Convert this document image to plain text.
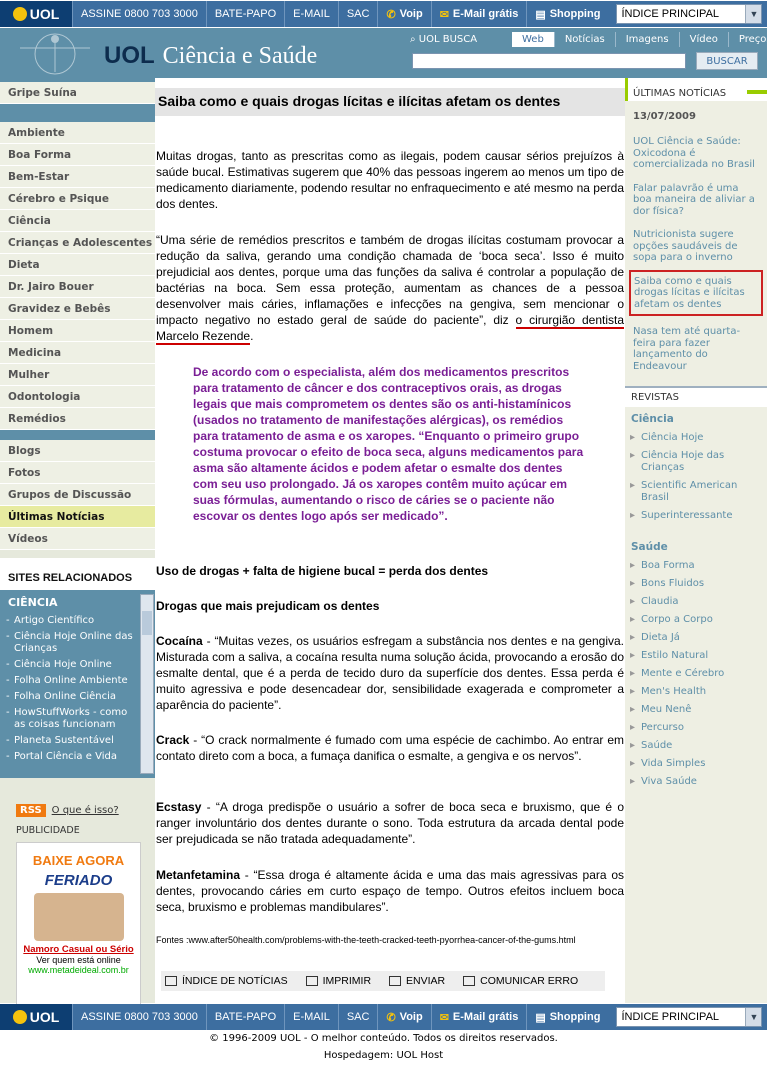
UOL	ASSINE 0800 703 3000	BATE-PAPO	E-MAIL	SAC	✆ Voip ✉ E-Mail grátis ▤ Shopping ÍNDICE PRINCIPAL	▼
UOL Ciência e Saúde
⌕ UOL BUSCA	Web	Notícias	Imagens	Vídeo	Preços
BUSCAR
Gripe Suína
Ambiente
Boa Forma
Bem-Estar
Cérebro e Psique
Ciência
Crianças e Adolescentes
Dieta
Dr. Jairo Bouer
Gravidez e Bebês
Homem
Medicina
Mulher
Odontologia
Remédios
Blogs
Fotos
Grupos de Discussão
Últimas Notícias
Vídeos
SITES RELACIONADOS
CIÊNCIA
- Artigo Científico
- Ciência Hoje Online das Crianças
- Ciência Hoje Online
- Folha Online Ambiente
- Folha Online Ciência
- HowStuffWorks - como as coisas funcionam
- Planeta Sustentável
- Portal Ciência e Vida
RSS	O que é isso?
PUBLICIDADE
BAIXE AGORA
FERIADO
Namoro Casual ou Sério
Ver quem está online
www.metadeideal.com.br
Saiba como e quais drogas lícitas e ilícitas afetam os dentes
Muitas drogas, tanto as prescritas como as ilegais, podem causar sérios prejuízos à saúde bucal. Estimativas sugerem que 40% das pessoas ingerem ao menos um tipo de medicamento diariamente, podendo resultar no enfraquecimento e até mesmo na perda dos dentes.
“Uma série de remédios prescritos e também de drogas ilícitas costumam provocar a redução da saliva, gerando uma condição chamada de ‘boca seca’. Isso é muito prejudicial aos dentes, porque uma das funções da saliva é controlar a população de bactérias na boca. Sem essa proteção, aumentam as chances de a pessoa desenvolver mais cáries, inflamações e infecções na gengiva, sem mencionar o impacto negativo no estado geral de saúde do paciente”, diz o cirurgião dentista Marcelo Rezende.
De acordo com o especialista, além dos medicamentos prescritos para tratamento de câncer e dos contraceptivos orais, as drogas legais que mais comprometem os dentes são os anti-histamínicos (usados no tratamento de manifestações alérgicas), os remédios para tratamento de asma e os xaropes. “Enquanto o primeiro grupo costuma provocar o efeito de boca seca, alguns medicamentos para asma são altamente ácidos e podem afetar o esmalte dos dentes com seu uso prolongado. Já os xaropes contêm muito açúcar em suas fórmulas, aumentando o risco de cáries se o paciente não escovar os dentes logo após ser medicado”.
Uso de drogas + falta de higiene bucal = perda dos dentes
Drogas que mais prejudicam os dentes
Cocaína - “Muitas vezes, os usuários esfregam a substância nos dentes e na gengiva. Misturada com a saliva, a cocaína resulta numa solução ácida, provocando a erosão do esmalte dental, que é a perda de tecido duro da superfície dos dentes. Essa perda é muito agressiva e pode desencadear dor, sensibilidade exagerada e comprometer a aparência do paciente”.
Crack - “O crack normalmente é fumado com uma espécie de cachimbo. Ao entrar em contato direto com a boca, a fumaça danifica o esmalte, a gengiva e os nervos”.
Ecstasy - “A droga predispõe o usuário a sofrer de boca seca e bruxismo, que é o ranger involuntário dos dentes durante o sono. Toda estrutura da arcada dental pode ser prejudicada se não tratada adequadamente”.
Metanfetamina - “Essa droga é altamente ácida e uma das mais agressivas para os dentes, provocando cáries em curto espaço de tempo. Outros efeitos incluem boca seca, bruxismo e problemas mandibulares”.
Fontes :www.after50health.com/problems-with-the-teeth-cracked-teeth-pyorrhea-cancer-of-the-gums.html
ÍNDICE DE NOTÍCIAS	IMPRIMIR	ENVIAR	COMUNICAR ERRO
ÚLTIMAS NOTÍCIAS
13/07/2009
UOL Ciência e Saúde: Oxicodona é comercializada no Brasil
Falar palavrão é uma boa maneira de aliviar a dor física?
Nutricionista sugere opções saudáveis de sopa para o inverno
Saiba como e quais drogas lícitas e ilícitas afetam os dentes
Nasa tem até quarta-feira para fazer lançamento do Endeavour
REVISTAS
Ciência
▸ Ciência Hoje
▸ Ciência Hoje das Crianças
▸ Scientific American Brasil
▸ Superinteressante
Saúde
▸ Boa Forma
▸ Bons Fluidos
▸ Claudia
▸ Corpo a Corpo
▸ Dieta Já
▸ Estilo Natural
▸ Mente e Cérebro
▸ Men's Health
▸ Meu Nenê
▸ Percurso
▸ Saúde
▸ Vida Simples
▸ Viva Saúde
UOL	ASSINE 0800 703 3000	BATE-PAPO	E-MAIL	SAC	✆ Voip ✉ E-Mail grátis ▤ Shopping ÍNDICE PRINCIPAL	▼
© 1996-2009 UOL - O melhor conteúdo. Todos os direitos reservados.
Hospedagem: UOL Host
